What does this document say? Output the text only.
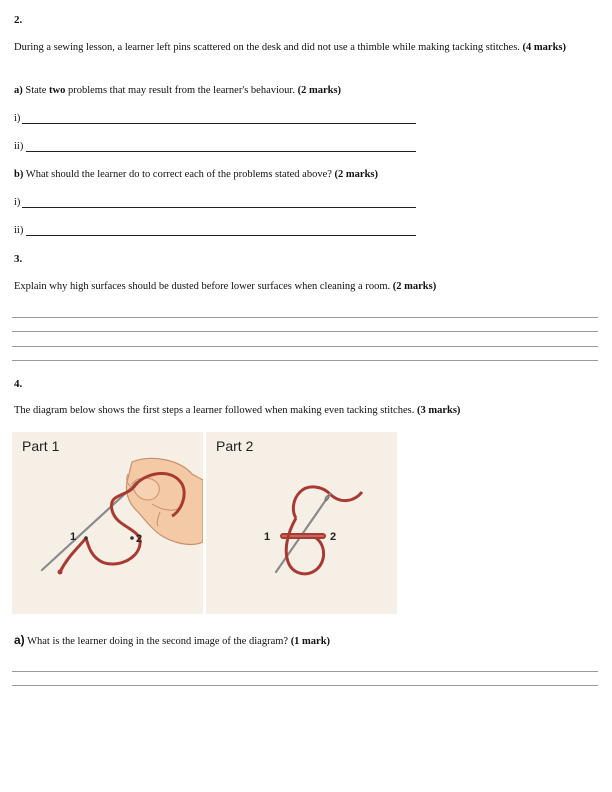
2.
During a sewing lesson, a learner left pins scattered on the desk and did not use a thimble while making tacking stitches. (4 marks)
a) State two problems that may result from the learner's behaviour. (2 marks)
i)
ii)
b) What should the learner do to correct each of the problems stated above? (2 marks)
i)
ii)
3.
Explain why high surfaces should be dusted before lower surfaces when cleaning a room. (2 marks)
4.
The diagram below shows the first steps a learner followed when making even tacking stitches. (3 marks)
Part 1
1	2
Part 2
1	2
a) What is the learner doing in the second image of the diagram? (1 mark)
